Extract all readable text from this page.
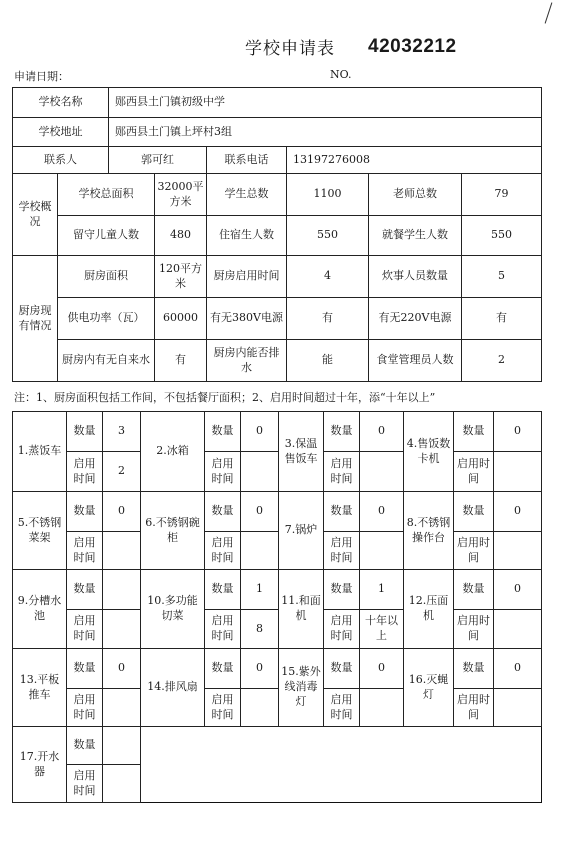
学校申请表	42032212
申请日期：	NO.
学校名称		郧西县土门镇初级中学					
学校地址		郧西县土门镇上坪村3组					
联系人		郭可红		联系电话	13197276008		
学校概况	学校总面积		32000平方米	学生总数	1100	老师总数	79
	留守儿童人数		480	住宿生人数	550	就餐学生人数	550
厨房现有情况	厨房面积		120平方米	厨房启用时间	4	炊事人员数量	5
	供电功率（瓦）		60000	有无380V电源	有	有无220V电源	有
	厨房内有无自来水		有	厨房内能否排水	能	食堂管理员人数	2
注：1、厨房面积包括工作间，不包括餐厅面积；2、启用时间超过十年，添“十年以上”
1.蒸饭车	数量	3	2.冰箱	数量	0	3.保温售饭车	数量	0	4.售饭数卡机	数量	0
	启用时间	2		启用时间			启用时间			启用时间	
5.不锈钢菜架	数量	0	6.不锈钢碗柜	数量	0	7.锅炉	数量	0	8.不锈钢操作台	数量	0
	启用时间			启用时间			启用时间			启用时间	
9.分槽水池	数量		10.多功能切菜	数量	1	11.和面机	数量	1	12.压面机	数量	0
	启用时间			启用时间	8		启用时间	十年以上		启用时间	
13.平板推车	数量	0	14.排风扇	数量	0	15.紫外线消毒灯	数量	0	16.灭蝇灯	数量	0
	启用时间			启用时间			启用时间			启用时间	
17.开水器	数量										
	启用时间										
